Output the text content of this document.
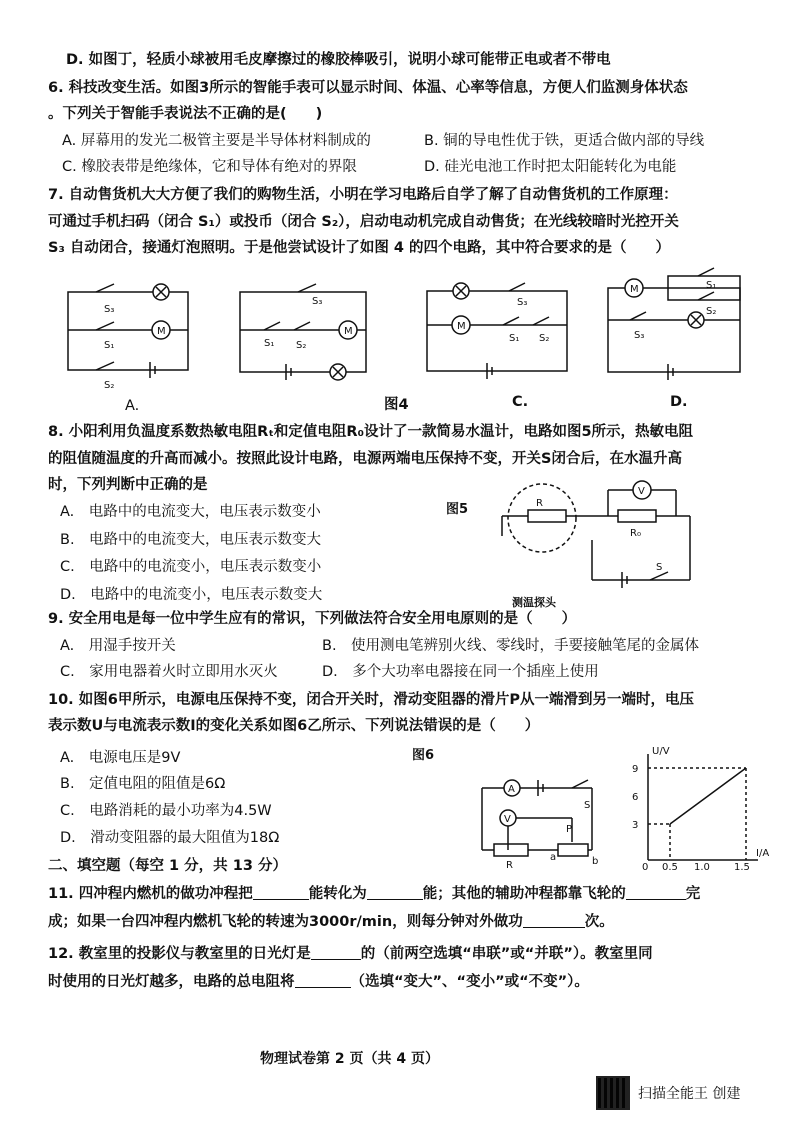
D. 如图丁，轻质小球被用毛皮摩擦过的橡胶棒吸引，说明小球可能带正电或者不带电
6. 科技改变生活。如图3所示的智能手表可以显示时间、体温、心率等信息，方便人们监测身体状态
。下列关于智能手表说法不正确的是(　　)
A. 屏幕用的发光二极管主要是半导体材料制成的	B. 铜的导电性优于铁，更适合做内部的导线
C. 橡胶表带是绝缘体，它和导体有绝对的界限	D. 硅光电池工作时把太阳能转化为电能
7. 自动售货机大大方便了我们的购物生活，小明在学习电路后自学了解了自动售货机的工作原理：
可通过手机扫码（闭合 S₁）或投币（闭合 S₂），启动电动机完成自动售货；在光线较暗时光控开关
S₃ 自动闭合，接通灯泡照明。于是他尝试设计了如图 4 的四个电路，其中符合要求的是（　　）
S₃
M
S₁
S₂
A.
S₃
M
S₁ S₂
图4
S₃
M
S₁ S₂
C.
M	S₁
S₂
S₃
D.
8. 小阳利用负温度系数热敏电阻Rₜ和定值电阻R₀设计了一款简易水温计，电路如图5所示，热敏电阻
的阻值随温度的升高而减小。按照此设计电路，电源两端电压保持不变，开关S闭合后，在水温升高
时，下列判断中正确的是
A.　电路中的电流变大，电压表示数变小
B.　电路中的电流变大，电压表示数变大
C.　电路中的电流变小，电压表示数变小
D.　电路中的电流变小，电压表示数变大
图5	R
R₀
V
S
测温探头
9. 安全用电是每一位中学生应有的常识，下列做法符合安全用电原则的是（　　）
A.　用湿手按开关	B.　使用测电笔辨别火线、零线时，手要接触笔尾的金属体
C.　家用电器着火时立即用水灭火	D.　多个大功率电器接在同一个插座上使用
10. 如图6甲所示，电源电压保持不变，闭合开关时，滑动变阻器的滑片P从一端滑到另一端时，电压
表示数U与电流表示数I的变化关系如图6乙所示、下列说法错误的是（　　）
A.　电源电压是9V
B.　定值电阻的阻值是6Ω
C.　电路消耗的最小功率为4.5W
D.　滑动变阻器的最大阻值为18Ω
图6
A
V
S
P
R
a	b
U/V
I/A
9
6
3
0 0.5 1.0 1.5
二、填空题（每空 1 分，共 13 分）
11. 四冲程内燃机的做功冲程把	能转化为	能；其他的辅助冲程都靠飞轮的	完
成；如果一台四冲程内燃机飞轮的转速为3000r/min，则每分钟对外做功	次。
12. 教室里的投影仪与教室里的日光灯是	的（前两空选填“串联”或“并联”）。教室里同
时使用的日光灯越多，电路的总电阻将	（选填“变大”、“变小”或“不变”）。
物理试卷第 2 页（共 4 页）
扫描全能王 创建
